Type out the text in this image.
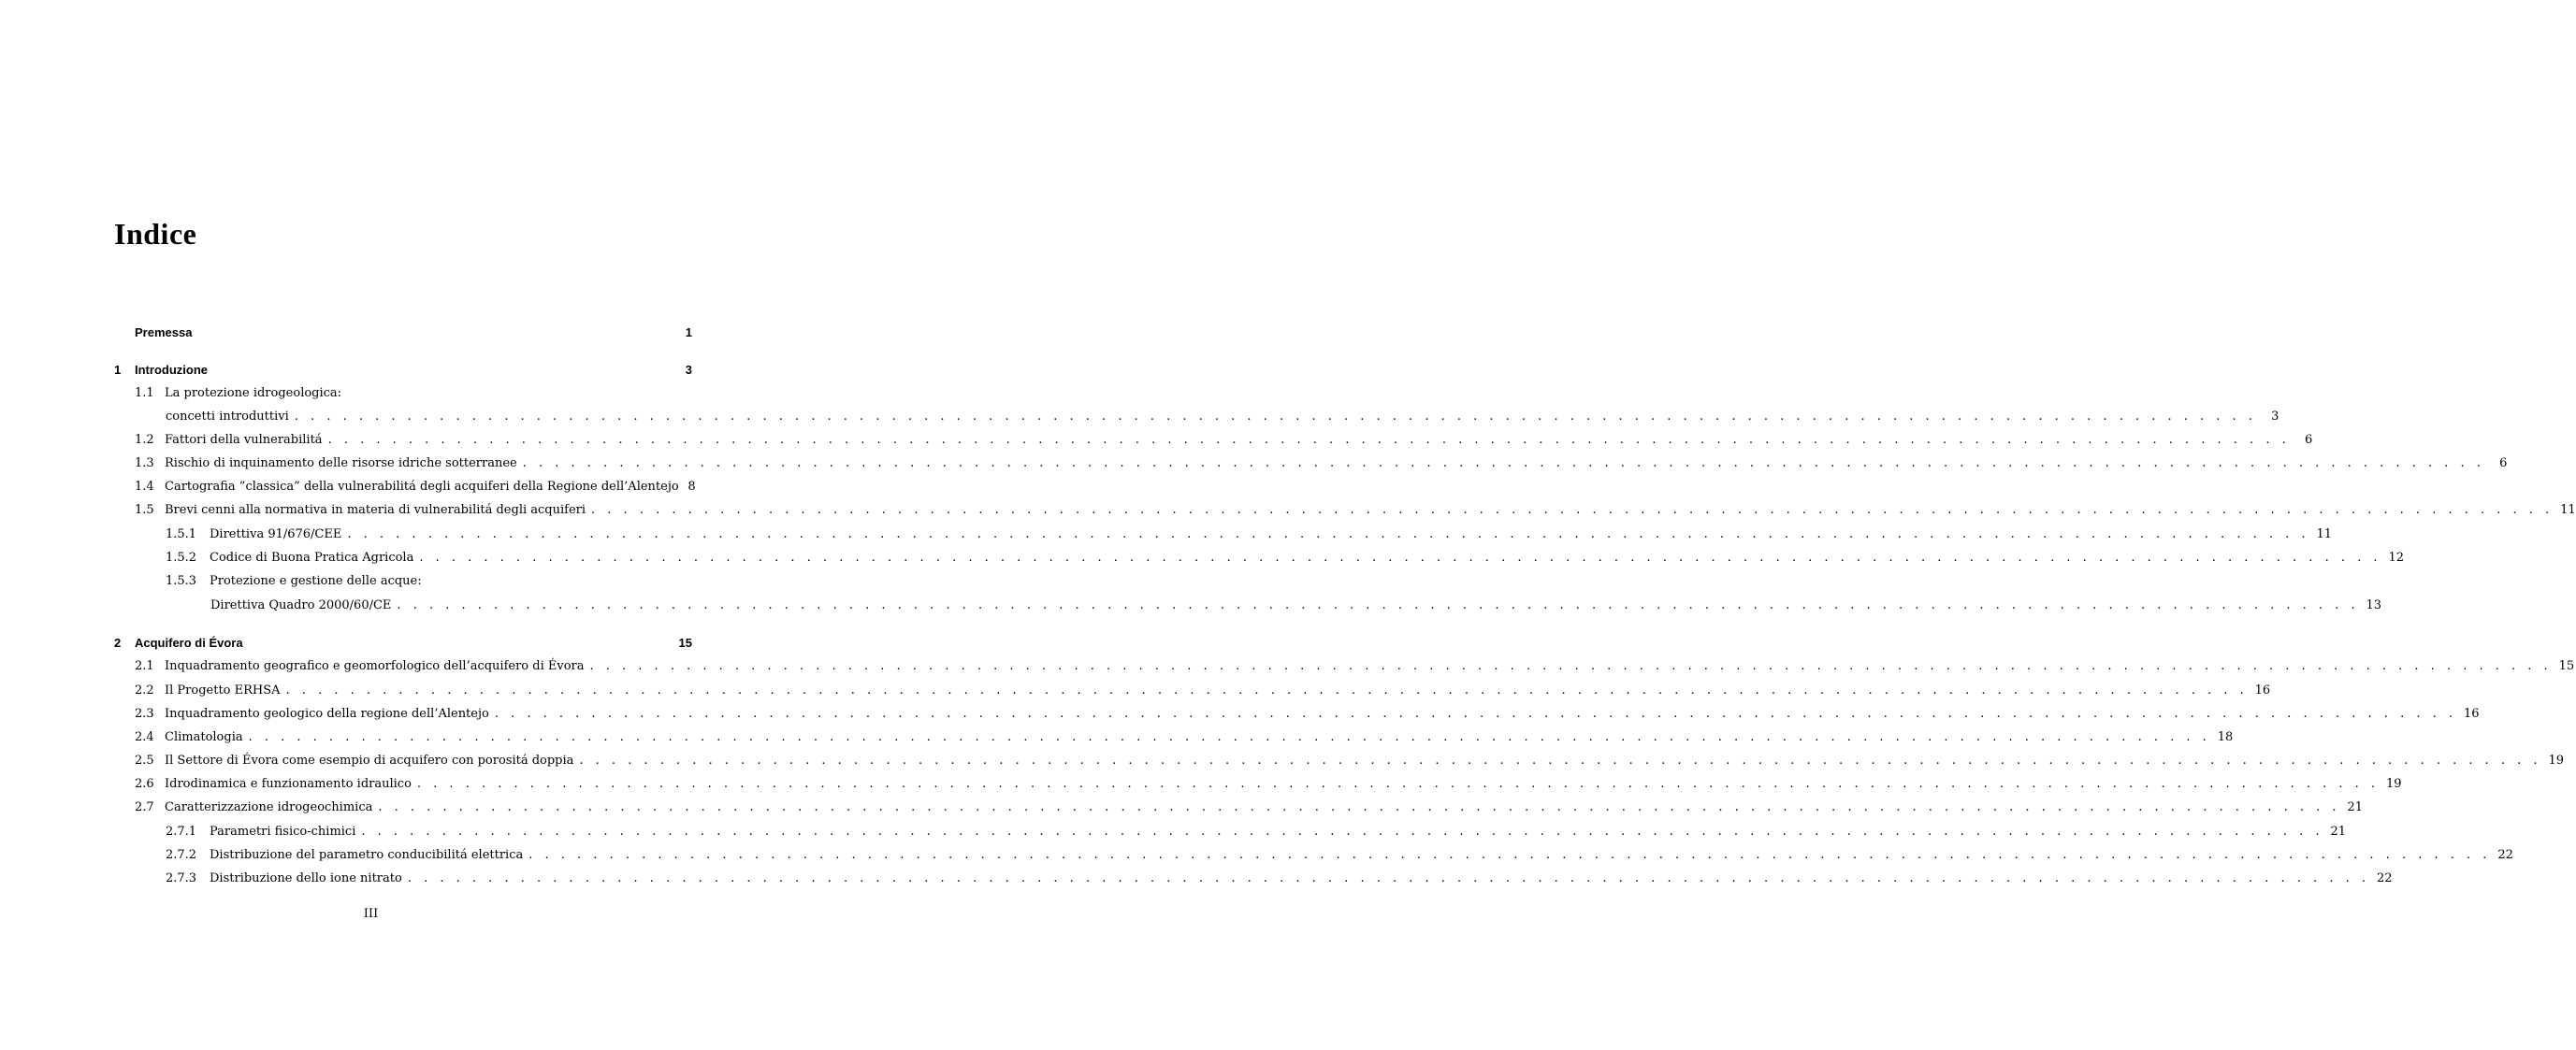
Indice
Premessa	1
1	Introduzione	3
1.1 La protezione idrogeologica:
concetti introduttivi . . . . . . . . . . . . . . . . . . . . . . . . . . . . . . . . . . . . . . . . . . . . . . . . . . . . . . . . . . . . . . . . . . . . . . . . . . . . . . . . . . . . . . . . . . . . . . . . . . . . . . . . . . . . . . . . . . . . . . . . . .	3
1.2 Fattori della vulnerabilitá . . . . . . . . . . . . . . . . . . . . . . . . . . . . . . . . . . . . . . . . . . . . . . . . . . . . . . . . . . . . . . . . . . . . . . . . . . . . . . . . . . . . . . . . . . . . . . . . . . . . . . . . . . . . . . . . . . . . . . . . . .	6
1.3 Rischio di inquinamento delle risorse idriche sotterranee . . . . . . . . . . . . . . . . . . . . . . . . . . . . . . . . . . . . . . . . . . . . . . . . . . . . . . . . . . . . . . . . . . . . . . . . . . . . . . . . . . . . . . . . . . . . . . . . . . . . . . . . . . . . . . . . . . . . . . . . . .	6
1.4 Cartografia ”classica” della vulnerabilitá degli acquiferi della Regione dell’Alentejo 8
1.5 Brevi cenni alla normativa in materia di vulnerabilitá degli acquiferi . . . . . . . . . . . . . . . . . . . . . . . . . . . . . . . . . . . . . . . . . . . . . . . . . . . . . . . . . . . . . . . . . . . . . . . . . . . . . . . . . . . . . . . . . . . . . . . . . . . . . . . . . . . . . . . . . . . . . . . . . . 11
1.5.1	Direttiva 91/676/CEE . . . . . . . . . . . . . . . . . . . . . . . . . . . . . . . . . . . . . . . . . . . . . . . . . . . . . . . . . . . . . . . . . . . . . . . . . . . . . . . . . . . . . . . . . . . . . . . . . . . . . . . . . . . . . . . . . . . . . . . . . . 11
1.5.2	Codice di Buona Pratica Agricola . . . . . . . . . . . . . . . . . . . . . . . . . . . . . . . . . . . . . . . . . . . . . . . . . . . . . . . . . . . . . . . . . . . . . . . . . . . . . . . . . . . . . . . . . . . . . . . . . . . . . . . . . . . . . . . . . . . . . . . . . . 12
1.5.3	Protezione e gestione delle acque:
Direttiva Quadro 2000/60/CE . . . . . . . . . . . . . . . . . . . . . . . . . . . . . . . . . . . . . . . . . . . . . . . . . . . . . . . . . . . . . . . . . . . . . . . . . . . . . . . . . . . . . . . . . . . . . . . . . . . . . . . . . . . . . . . . . . . . . . . . . . 13
2	Acquifero di Évora	15
2.1 Inquadramento geografico e geomorfologico dell’acquifero di Évora . . . . . . . . . . . . . . . . . . . . . . . . . . . . . . . . . . . . . . . . . . . . . . . . . . . . . . . . . . . . . . . . . . . . . . . . . . . . . . . . . . . . . . . . . . . . . . . . . . . . . . . . . . . . . . . . . . . . . . . . . . 15
2.2 Il Progetto ERHSA . . . . . . . . . . . . . . . . . . . . . . . . . . . . . . . . . . . . . . . . . . . . . . . . . . . . . . . . . . . . . . . . . . . . . . . . . . . . . . . . . . . . . . . . . . . . . . . . . . . . . . . . . . . . . . . . . . . . . . . . . . 16
2.3 Inquadramento geologico della regione dell’Alentejo . . . . . . . . . . . . . . . . . . . . . . . . . . . . . . . . . . . . . . . . . . . . . . . . . . . . . . . . . . . . . . . . . . . . . . . . . . . . . . . . . . . . . . . . . . . . . . . . . . . . . . . . . . . . . . . . . . . . . . . . . . 16
2.4 Climatologia . . . . . . . . . . . . . . . . . . . . . . . . . . . . . . . . . . . . . . . . . . . . . . . . . . . . . . . . . . . . . . . . . . . . . . . . . . . . . . . . . . . . . . . . . . . . . . . . . . . . . . . . . . . . . . . . . . . . . . . . . . 18
2.5 Il Settore di Évora come esempio di acquifero con porositá doppia . . . . . . . . . . . . . . . . . . . . . . . . . . . . . . . . . . . . . . . . . . . . . . . . . . . . . . . . . . . . . . . . . . . . . . . . . . . . . . . . . . . . . . . . . . . . . . . . . . . . . . . . . . . . . . . . . . . . . . . . . . 19
2.6 Idrodinamica e funzionamento idraulico . . . . . . . . . . . . . . . . . . . . . . . . . . . . . . . . . . . . . . . . . . . . . . . . . . . . . . . . . . . . . . . . . . . . . . . . . . . . . . . . . . . . . . . . . . . . . . . . . . . . . . . . . . . . . . . . . . . . . . . . . . 19
2.7 Caratterizzazione idrogeochimica . . . . . . . . . . . . . . . . . . . . . . . . . . . . . . . . . . . . . . . . . . . . . . . . . . . . . . . . . . . . . . . . . . . . . . . . . . . . . . . . . . . . . . . . . . . . . . . . . . . . . . . . . . . . . . . . . . . . . . . . . . 21
2.7.1	Parametri fisico-chimici . . . . . . . . . . . . . . . . . . . . . . . . . . . . . . . . . . . . . . . . . . . . . . . . . . . . . . . . . . . . . . . . . . . . . . . . . . . . . . . . . . . . . . . . . . . . . . . . . . . . . . . . . . . . . . . . . . . . . . . . . . 21
2.7.2	Distribuzione del parametro conducibilitá elettrica . . . . . . . . . . . . . . . . . . . . . . . . . . . . . . . . . . . . . . . . . . . . . . . . . . . . . . . . . . . . . . . . . . . . . . . . . . . . . . . . . . . . . . . . . . . . . . . . . . . . . . . . . . . . . . . . . . . . . . . . . . 22
2.7.3	Distribuzione dello ione nitrato . . . . . . . . . . . . . . . . . . . . . . . . . . . . . . . . . . . . . . . . . . . . . . . . . . . . . . . . . . . . . . . . . . . . . . . . . . . . . . . . . . . . . . . . . . . . . . . . . . . . . . . . . . . . . . . . . . . . . . . . . . 22
III
